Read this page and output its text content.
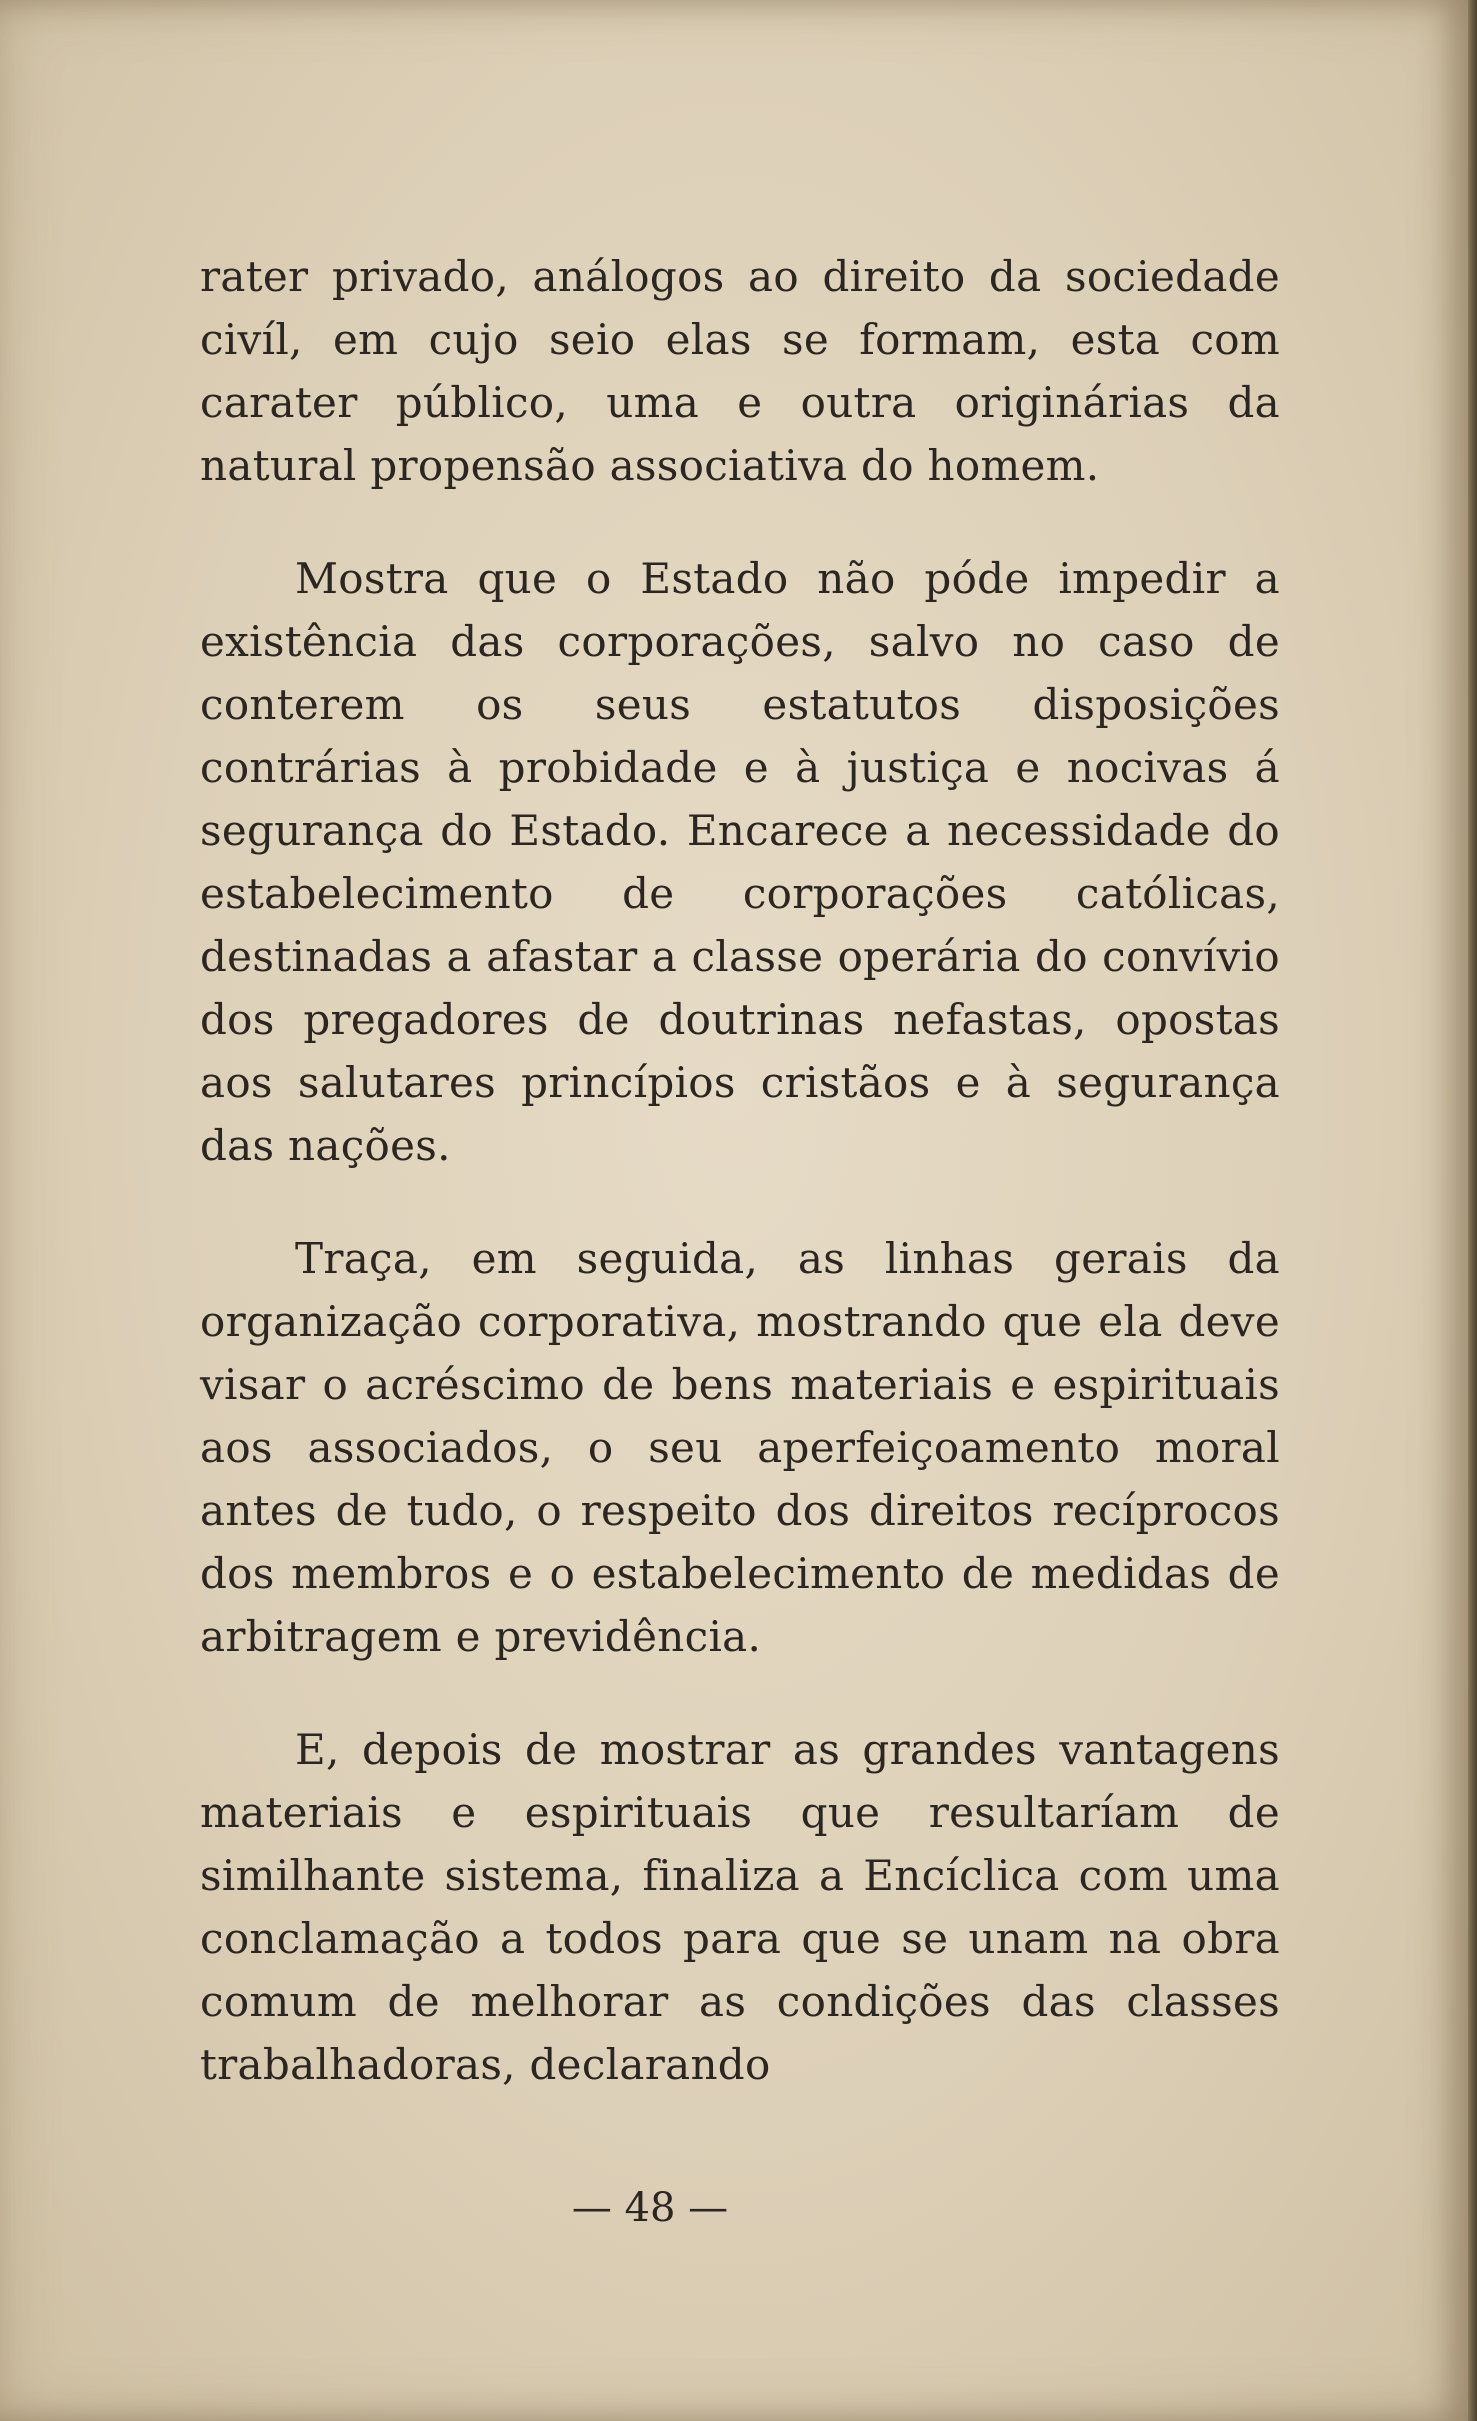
rater privado, análogos ao direito da sociedade civíl, em cujo seio elas se formam, esta com carater público, uma e outra originárias da natural propensão associativa do homem.

Mostra que o Estado não póde impedir a existência das corporações, salvo no caso de conterem os seus estatutos disposições contrárias à probidade e à justiça e nocivas á segurança do Estado. Encarece a necessidade do estabelecimento de corporações católicas, destinadas a afastar a classe operária do convívio dos pregadores de doutrinas nefastas, opostas aos salutares princípios cristãos e à segurança das nações.

Traça, em seguida, as linhas gerais da organização corporativa, mostrando que ela deve visar o acréscimo de bens materiais e espirituais aos associados, o seu aperfeiçoamento moral antes de tudo, o respeito dos direitos recíprocos dos membros e o estabelecimento de medidas de arbitragem e previdência.

E, depois de mostrar as grandes vantagens materiais e espirituais que resultaríam de similhante sistema, finaliza a Encíclica com uma conclamação a todos para que se unam na obra comum de melhorar as condições das classes trabalhadoras, declarando

— 48 —
